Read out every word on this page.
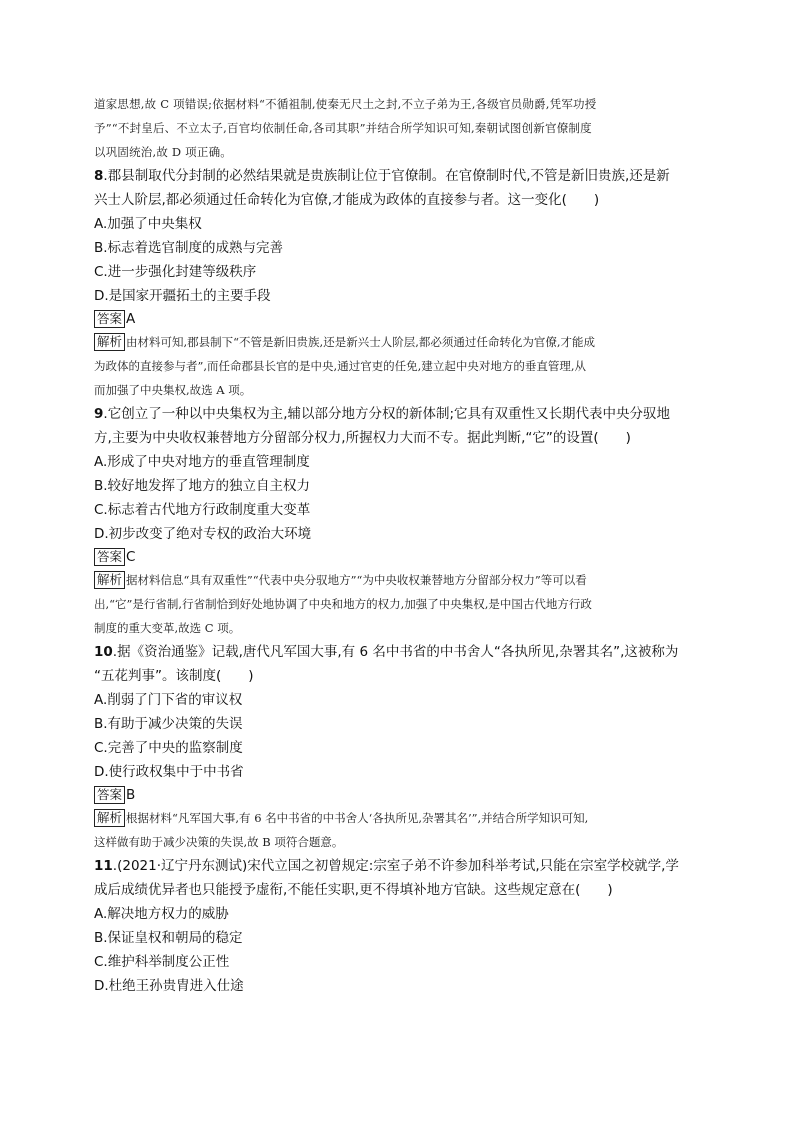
道家思想,故 C 项错误;依据材料“不循祖制,使秦无尺土之封,不立子弟为王,各级官员勋爵,凭军功授

予”“不封皇后、不立太子,百官均依制任命,各司其职”并结合所学知识可知,秦朝试图创新官僚制度

以巩固统治,故 D 项正确。

8.郡县制取代分封制的必然结果就是贵族制让位于官僚制。在官僚制时代,不管是新旧贵族,还是新

兴士人阶层,都必须通过任命转化为官僚,才能成为政体的直接参与者。这一变化(　　)

A.加强了中央集权

B.标志着选官制度的成熟与完善

C.进一步强化封建等级秩序

D.是国家开疆拓土的主要手段

答案 A

解析 由材料可知,郡县制下“不管是新旧贵族,还是新兴士人阶层,都必须通过任命转化为官僚,才能成

为政体的直接参与者”,而任命郡县长官的是中央,通过官吏的任免,建立起中央对地方的垂直管理,从

而加强了中央集权,故选 A 项。

9.它创立了一种以中央集权为主,辅以部分地方分权的新体制;它具有双重性又长期代表中央分驭地

方,主要为中央收权兼替地方分留部分权力,所握权力大而不专。据此判断,“它”的设置(　　)

A.形成了中央对地方的垂直管理制度

B.较好地发挥了地方的独立自主权力

C.标志着古代地方行政制度重大变革

D.初步改变了绝对专权的政治大环境

答案 C

解析 据材料信息“具有双重性”“代表中央分驭地方”“为中央收权兼替地方分留部分权力”等可以看

出,“它”是行省制,行省制恰到好处地协调了中央和地方的权力,加强了中央集权,是中国古代地方行政

制度的重大变革,故选 C 项。

10.据《资治通鉴》记载,唐代凡军国大事,有 6 名中书省的中书舍人“各执所见,杂署其名”,这被称为

“五花判事”。该制度(　　)

A.削弱了门下省的审议权

B.有助于减少决策的失误

C.完善了中央的监察制度

D.使行政权集中于中书省

答案 B

解析 根据材料“凡军国大事,有 6 名中书省的中书舍人‘各执所见,杂署其名’”,并结合所学知识可知,

这样做有助于减少决策的失误,故 B 项符合题意。

11.(2021·辽宁丹东测试)宋代立国之初曾规定:宗室子弟不许参加科举考试,只能在宗室学校就学,学

成后成绩优异者也只能授予虚衔,不能任实职,更不得填补地方官缺。这些规定意在(　　)

A.解决地方权力的威胁

B.保证皇权和朝局的稳定

C.维护科举制度公正性

D.杜绝王孙贵胄进入仕途
